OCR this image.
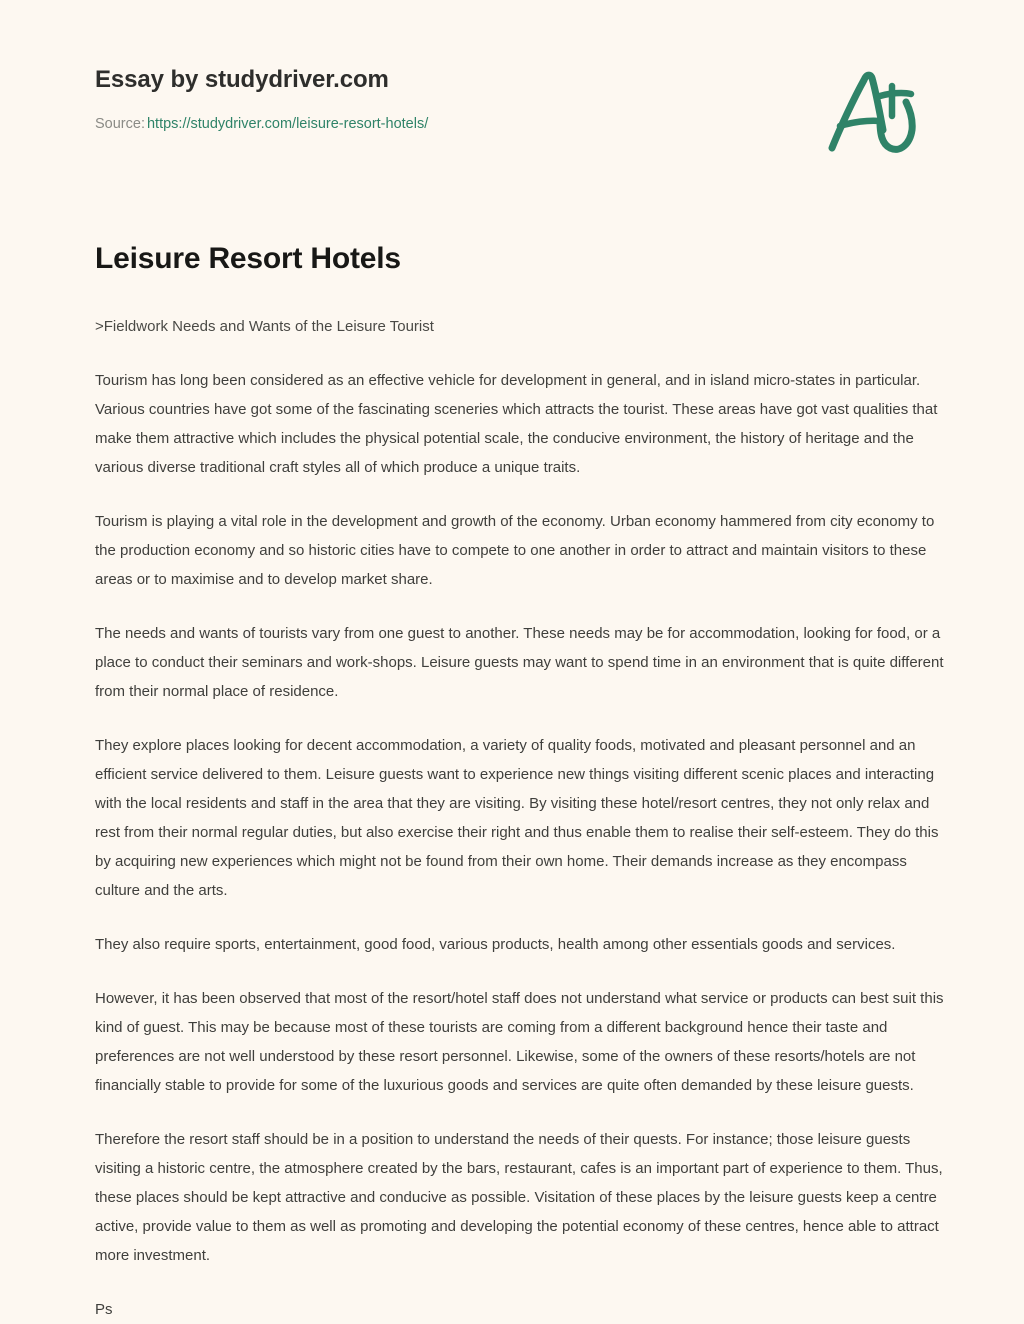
Essay by studydriver.com
Source: https://studydriver.com/leisure-resort-hotels/
Leisure Resort Hotels

>Fieldwork Needs and Wants of the Leisure Tourist

Tourism has long been considered as an effective vehicle for development in general, and in island micro-states in particular. Various countries have got some of the fascinating sceneries which attracts the tourist. These areas have got vast qualities that make them attractive which includes the physical potential scale, the conducive environment, the history of heritage and the various diverse traditional craft styles all of which produce a unique traits.

Tourism is playing a vital role in the development and growth of the economy. Urban economy hammered from city economy to the production economy and so historic cities have to compete to one another in order to attract and maintain visitors to these areas or to maximise and to develop market share.

The needs and wants of tourists vary from one guest to another. These needs may be for accommodation, looking for food, or a place to conduct their seminars and work-shops. Leisure guests may want to spend time in an environment that is quite different from their normal place of residence.

They explore places looking for decent accommodation, a variety of quality foods, motivated and pleasant personnel and an efficient service delivered to them. Leisure guests want to experience new things visiting different scenic places and interacting with the local residents and staff in the area that they are visiting. By visiting these hotel/resort centres, they not only relax and rest from their normal regular duties, but also exercise their right and thus enable them to realise their self-esteem. They do this by acquiring new experiences which might not be found from their own home. Their demands increase as they encompass culture and the arts.

They also require sports, entertainment, good food, various products, health among other essentials goods and services.

However, it has been observed that most of the resort/hotel staff does not understand what service or products can best suit this kind of guest. This may be because most of these tourists are coming from a different background hence their taste and preferences are not well understood by these resort personnel. Likewise, some of the owners of these resorts/hotels are not financially stable to provide for some of the luxurious goods and services are quite often demanded by these leisure guests.

Therefore the resort staff should be in a position to understand the needs of their quests. For instance; those leisure guests visiting a historic centre, the atmosphere created by the bars, restaurant, cafes is an important part of experience to them. Thus, these places should be kept attractive and conducive as possible. Visitation of these places by the leisure guests keep a centre active, provide value to them as well as promoting and developing the potential economy of these centres, hence able to attract more investment.

Ps
